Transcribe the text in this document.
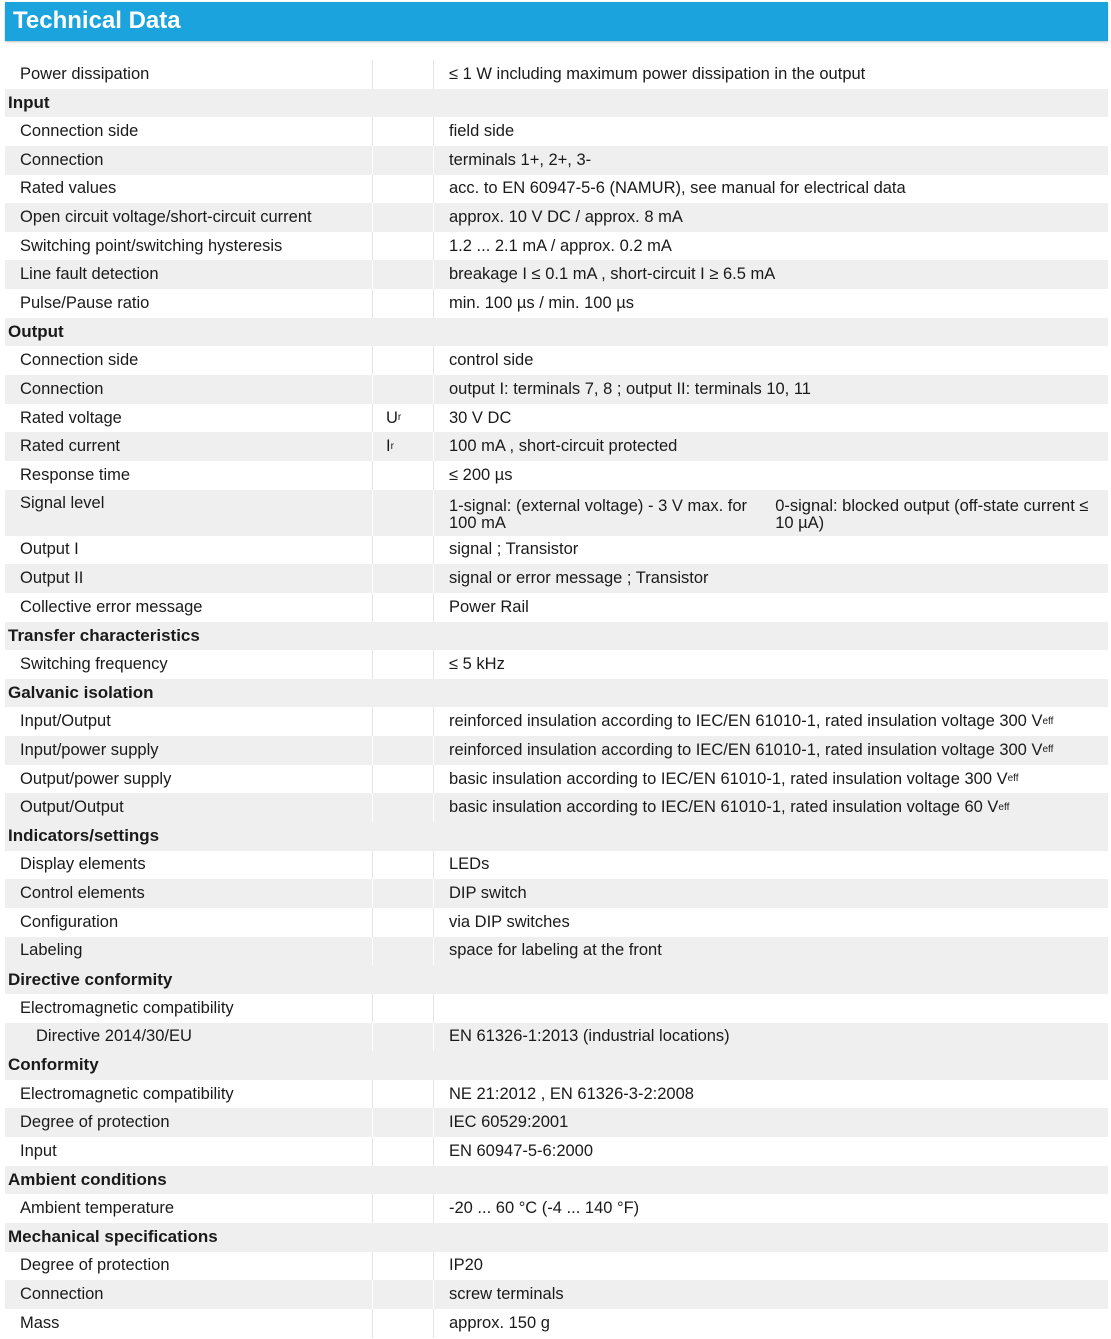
Technical Data
Power dissipation	≤ 1 W including maximum power dissipation in the output
Input
Connection side	field side
Connection	terminals 1+, 2+, 3-
Rated values	acc. to EN 60947-5-6 (NAMUR), see manual for electrical data
Open circuit voltage/short-circuit current	approx. 10 V DC / approx. 8 mA
Switching point/switching hysteresis	1.2 ... 2.1 mA / approx. 0.2 mA
Line fault detection	breakage I ≤ 0.1 mA , short-circuit I ≥ 6.5 mA
Pulse/Pause ratio	min. 100 µs / min. 100 µs
Output
Connection side	control side
Connection	output I: terminals 7, 8 ; output II: terminals 10, 11
Rated voltage	U r	30 V DC
Rated current	I r	100 mA , short-circuit protected
Response time	≤ 200 µs
Signal level	1-signal: (external voltage) - 3 V max. for 100 mA
0-signal: blocked output (off-state current ≤ 10 µA)
Output I	signal ; Transistor
Output II	signal or error message ; Transistor
Collective error message	Power Rail
Transfer characteristics
Switching frequency	≤ 5 kHz
Galvanic isolation
Input/Output	reinforced insulation according to IEC/EN 61010-1, rated insulation voltage 300 V eff
Input/power supply	reinforced insulation according to IEC/EN 61010-1, rated insulation voltage 300 V eff
Output/power supply	basic insulation according to IEC/EN 61010-1, rated insulation voltage 300 V eff
Output/Output	basic insulation according to IEC/EN 61010-1, rated insulation voltage 60 V eff
Indicators/settings
Display elements	LEDs
Control elements	DIP switch
Configuration	via DIP switches
Labeling	space for labeling at the front
Directive conformity
Electromagnetic compatibility
Directive 2014/30/EU	EN 61326-1:2013 (industrial locations)
Conformity
Electromagnetic compatibility	NE 21:2012 , EN 61326-3-2:2008
Degree of protection	IEC 60529:2001
Input	EN 60947-5-6:2000
Ambient conditions
Ambient temperature	-20 ... 60 °C (-4 ... 140 °F)
Mechanical specifications
Degree of protection	IP20
Connection	screw terminals
Mass	approx. 150 g
